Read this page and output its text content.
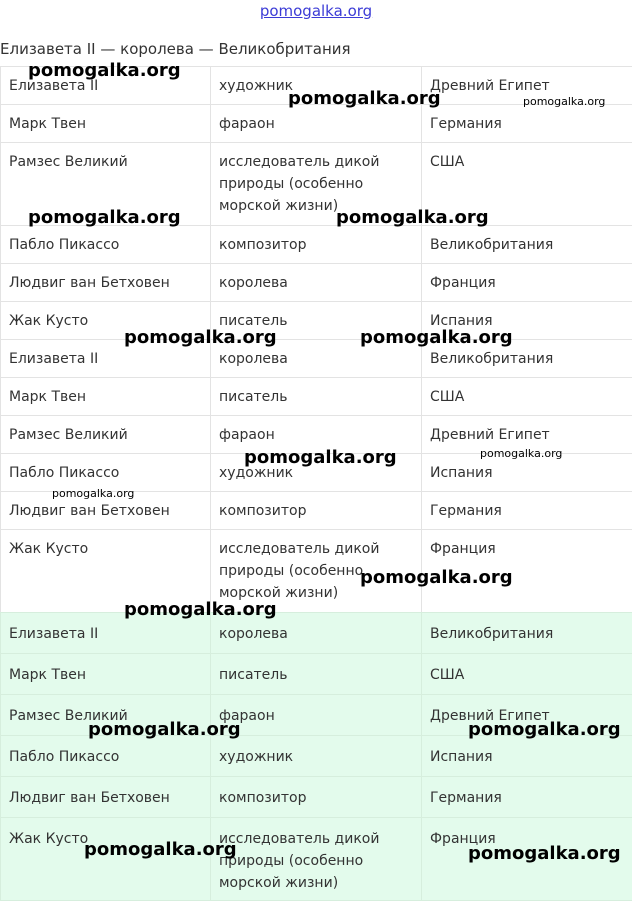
pomogalka.org
Елизавета II — королева — Великобритания
Елизавета II	художник	Древний Египет
Марк Твен	фараон	Германия
Рамзес Великий	исследователь дикой природы (особенно морской жизни)	США
Пабло Пикассо	композитор	Великобритания
Людвиг ван Бетховен	королева	Франция
Жак Кусто	писатель	Испания
Елизавета II	королева	Великобритания
Марк Твен	писатель	США
Рамзес Великий	фараон	Древний Египет
Пабло Пикассо	художник	Испания
Людвиг ван Бетховен	композитор	Германия
Жак Кусто	исследователь дикой природы (особенно морской жизни)	Франция
Елизавета II	королева	Великобритания
Марк Твен	писатель	США
Рамзес Великий	фараон	Древний Египет
Пабло Пикассо	художник	Испания
Людвиг ван Бетховен	композитор	Германия
Жак Кусто	исследователь дикой природы (особенно морской жизни)	Франция
pomogalka.org
pomogalka.org	pomogalka.org
pomogalka.org	pomogalka.org
pomogalka.org	pomogalka.org
pomogalka.org	pomogalka.org
pomogalka.org
pomogalka.org
pomogalka.org
pomogalka.org	pomogalka.org
pomogalka.org	pomogalka.org
